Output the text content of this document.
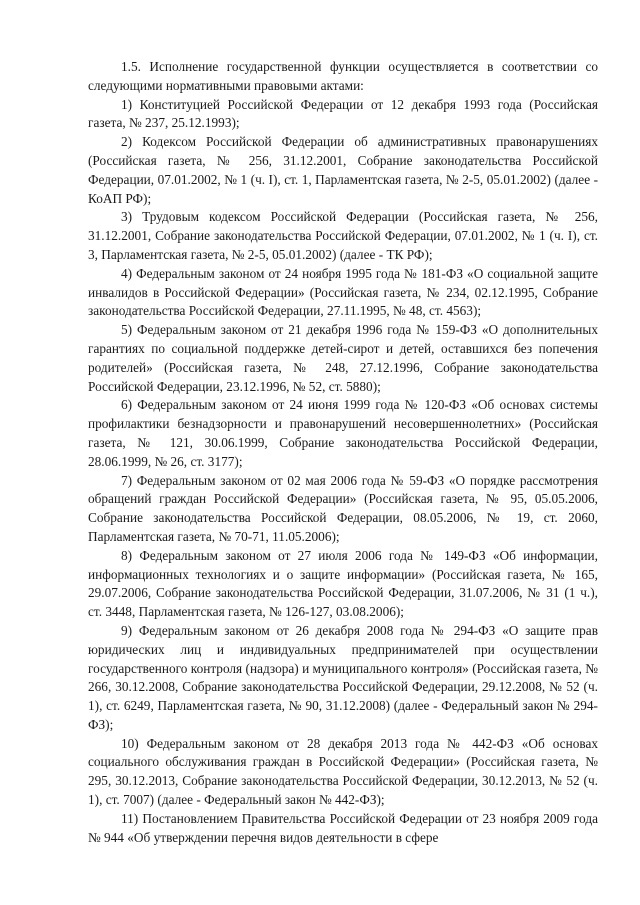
1.5. Исполнение государственной функции осуществляется в соответствии со следующими нормативными правовыми актами:

1) Конституцией Российской Федерации от 12 декабря 1993 года (Российская газета, № 237, 25.12.1993);

2) Кодексом Российской Федерации об административных правонарушениях (Российская газета, № 256, 31.12.2001, Собрание законодательства Российской Федерации, 07.01.2002, № 1 (ч. I), ст. 1, Парламентская газета, № 2-5, 05.01.2002) (далее - КоАП РФ);

3) Трудовым кодексом Российской Федерации (Российская газета, № 256, 31.12.2001, Собрание законодательства Российской Федерации, 07.01.2002, № 1 (ч. I), ст. 3, Парламентская газета, № 2-5, 05.01.2002) (далее - ТК РФ);

4) Федеральным законом от 24 ноября 1995 года № 181-ФЗ «О социальной защите инвалидов в Российской Федерации» (Российская газета, № 234, 02.12.1995, Собрание законодательства Российской Федерации, 27.11.1995, № 48, ст. 4563);

5) Федеральным законом от 21 декабря 1996 года № 159-ФЗ «О дополнительных гарантиях по социальной поддержке детей-сирот и детей, оставшихся без попечения родителей» (Российская газета, № 248, 27.12.1996, Собрание законодательства Российской Федерации, 23.12.1996, № 52, ст. 5880);

6) Федеральным законом от 24 июня 1999 года № 120-ФЗ «Об основах системы профилактики безнадзорности и правонарушений несовершеннолетних» (Российская газета, № 121, 30.06.1999, Собрание законодательства Российской Федерации, 28.06.1999, № 26, ст. 3177);

7) Федеральным законом от 02 мая 2006 года № 59-ФЗ «О порядке рассмотрения обращений граждан Российской Федерации» (Российская газета, № 95, 05.05.2006, Собрание законодательства Российской Федерации, 08.05.2006, № 19, ст. 2060, Парламентская газета, № 70-71, 11.05.2006);

8) Федеральным законом от 27 июля 2006 года № 149-ФЗ «Об информации, информационных технологиях и о защите информации» (Российская газета, № 165, 29.07.2006, Собрание законодательства Российской Федерации, 31.07.2006, № 31 (1 ч.), ст. 3448, Парламентская газета, № 126-127, 03.08.2006);

9) Федеральным законом от 26 декабря 2008 года № 294-ФЗ «О защите прав юридических лиц и индивидуальных предпринимателей при осуществлении государственного контроля (надзора) и муниципального контроля» (Российская газета, № 266, 30.12.2008, Собрание законодательства Российской Федерации, 29.12.2008, № 52 (ч. 1), ст. 6249, Парламентская газета, № 90, 31.12.2008) (далее - Федеральный закон № 294-ФЗ);

10) Федеральным законом от 28 декабря 2013 года № 442-ФЗ «Об основах социального обслуживания граждан в Российской Федерации» (Российская газета, № 295, 30.12.2013, Собрание законодательства Российской Федерации, 30.12.2013, № 52 (ч. 1), ст. 7007) (далее - Федеральный закон № 442-ФЗ);

11) Постановлением Правительства Российской Федерации от 23 ноября 2009 года № 944 «Об утверждении перечня видов деятельности в сфере
